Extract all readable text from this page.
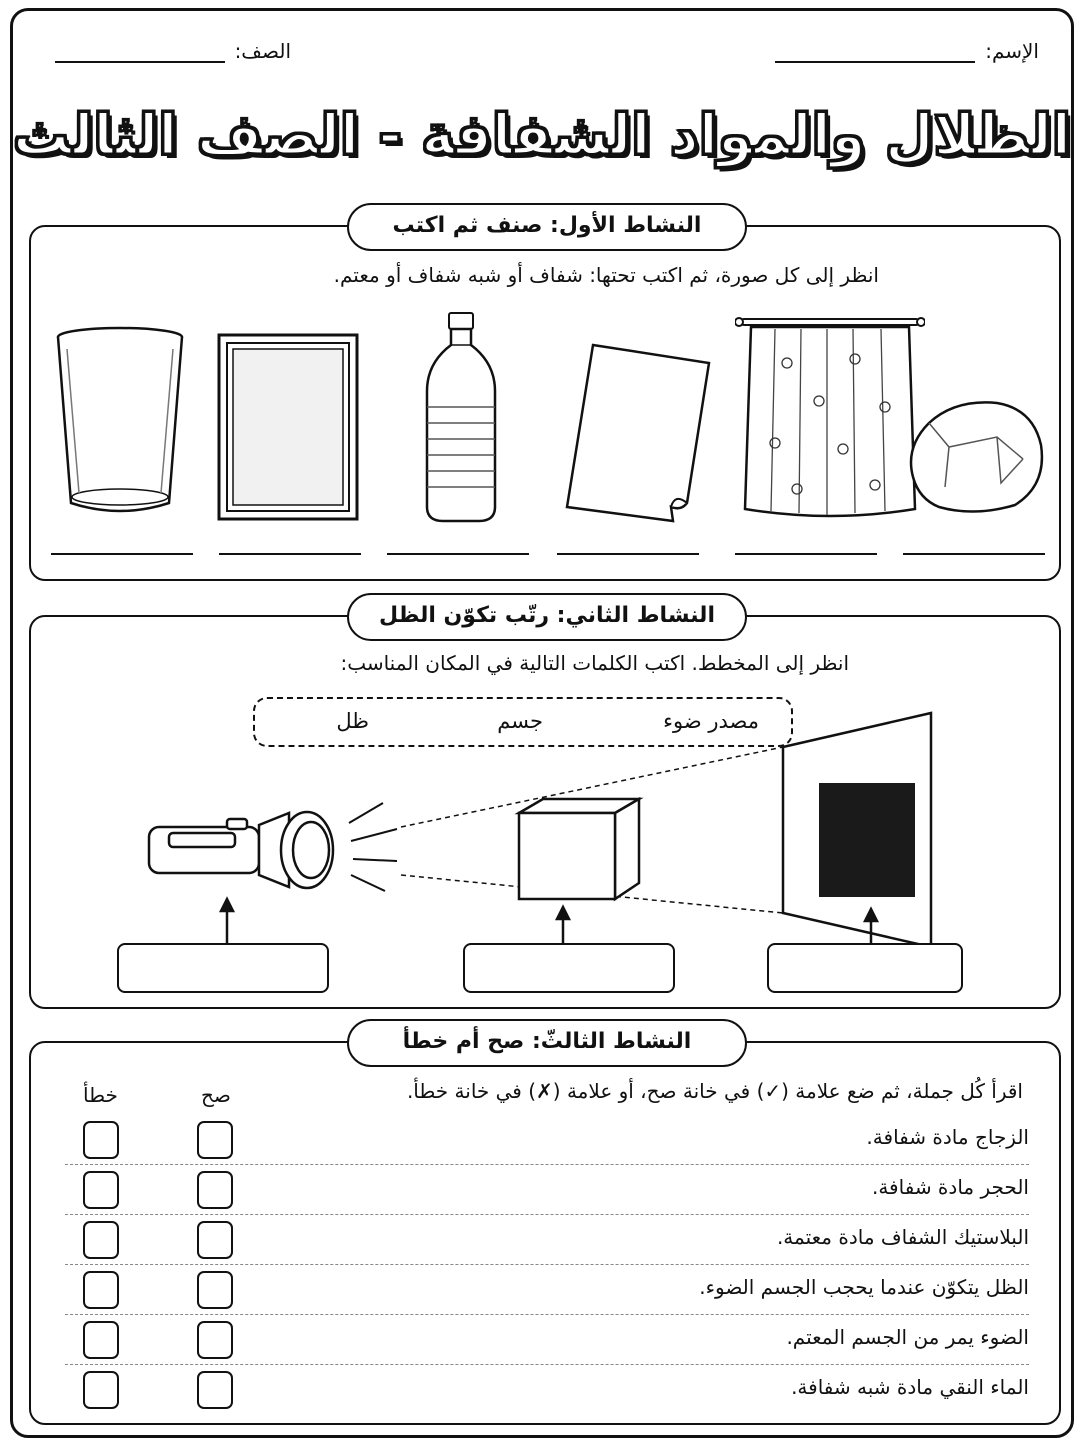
الإسم:
الصف:
الظلال والمواد الشفافة - الصف الثالث
النشاط الأول: صنف ثم اكتب
انظر إلى كل صورة، ثم اكتب تحتها: شفاف أو شبه شفاف أو معتم.
النشاط الثاني: رتّب تكوّن الظل
انظر إلى المخطط. اكتب الكلمات التالية في المكان المناسب:
مصدر ضوء
جسم
ظل
النشاط الثالثّ: صح أم خطأ
اقرأ كُل جملة، ثم ضع علامة (✓) في خانة صح، أو علامة (✗) في خانة خطأ.
صح
خطأ
الزجاج مادة شفافة.
الحجر مادة شفافة.
البلاستيك الشفاف مادة معتمة.
الظل يتكوّن عندما يحجب الجسم الضوء.
الضوء يمر من الجسم المعتم.
الماء النقي مادة شبه شفافة.
